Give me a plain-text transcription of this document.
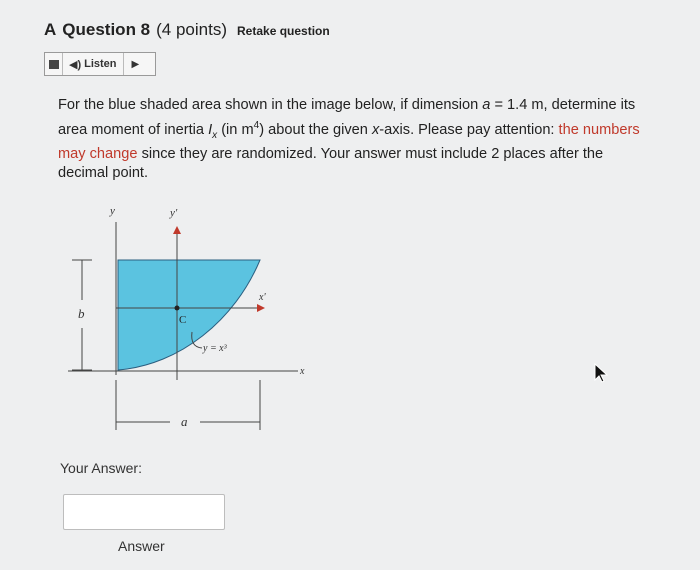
A Question 8 (4 points) Retake question
◀) Listen	▶
For the blue shaded area shown in the image below, if dimension a = 1.4 m, determine its area moment of inertia $I_x$ (in $m^4$) about the given x-axis. Please pay attention: the numbers may change since they are randomized. Your answer must include 2 places after the decimal point.
y	y'
b	C
y = x³
x
x'
a
Your Answer:
Answer
